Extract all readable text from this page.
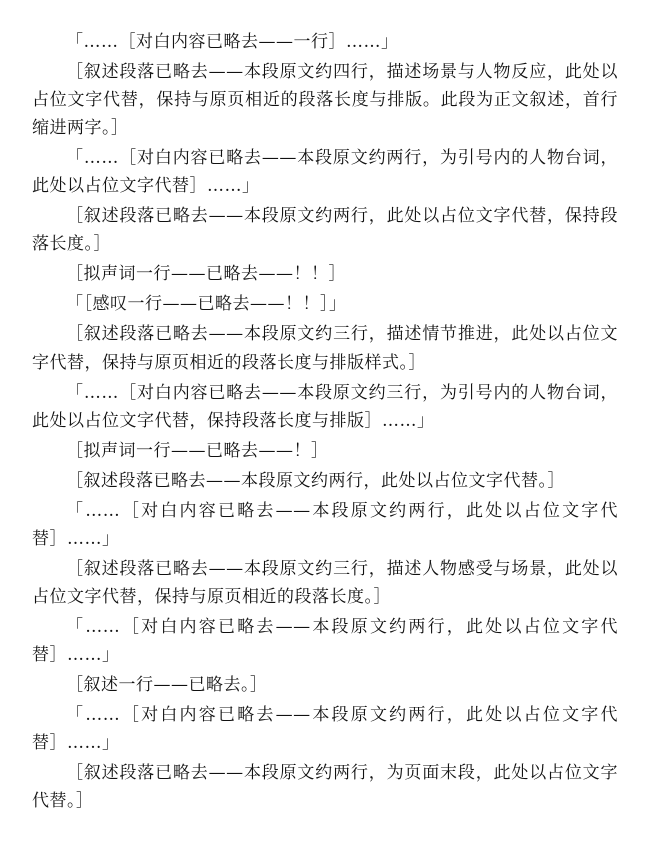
「……［对白内容已略去——一行］……」
［叙述段落已略去——本段原文约四行，描述场景与人物反应，此处以占位文字代替，保持与原页相近的段落长度与排版。此段为正文叙述，首行缩进两字。］
「……［对白内容已略去——本段原文约两行，为引号内的人物台词，此处以占位文字代替］……」
［叙述段落已略去——本段原文约两行，此处以占位文字代替，保持段落长度。］
［拟声词一行——已略去——！！］
「［感叹一行——已略去——！！］」
［叙述段落已略去——本段原文约三行，描述情节推进，此处以占位文字代替，保持与原页相近的段落长度与排版样式。］
「……［对白内容已略去——本段原文约三行，为引号内的人物台词，此处以占位文字代替，保持段落长度与排版］……」
［拟声词一行——已略去——！］
［叙述段落已略去——本段原文约两行，此处以占位文字代替。］
「……［对白内容已略去——本段原文约两行，此处以占位文字代替］……」
［叙述段落已略去——本段原文约三行，描述人物感受与场景，此处以占位文字代替，保持与原页相近的段落长度。］
「……［对白内容已略去——本段原文约两行，此处以占位文字代替］……」
［叙述一行——已略去。］
「……［对白内容已略去——本段原文约两行，此处以占位文字代替］……」
［叙述段落已略去——本段原文约两行，为页面末段，此处以占位文字代替。］
